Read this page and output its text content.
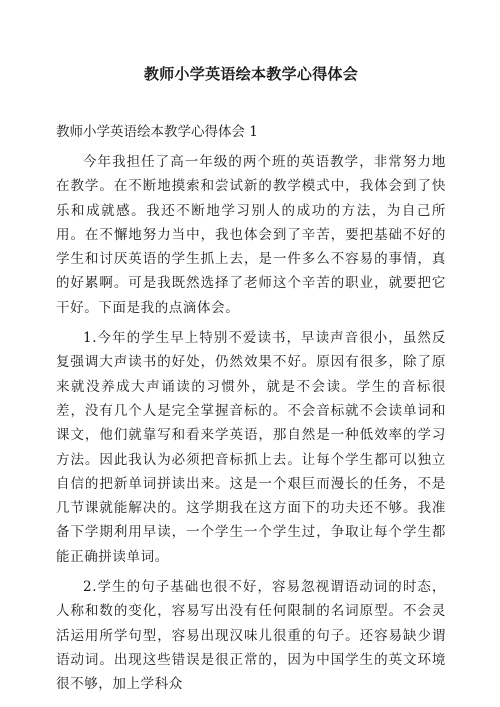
教师小学英语绘本教学心得体会

教师小学英语绘本教学心得体会 1

今年我担任了高一年级的两个班的英语教学，非常努力地在教学。在不断地摸索和尝试新的教学模式中，我体会到了快乐和成就感。我还不断地学习别人的成功的方法，为自己所用。在不懈地努力当中，我也体会到了辛苦，要把基础不好的学生和讨厌英语的学生抓上去，是一件多么不容易的事情，真的好累啊。可是我既然选择了老师这个辛苦的职业，就要把它干好。下面是我的点滴体会。

1.今年的学生早上特别不爱读书，早读声音很小，虽然反复强调大声读书的好处，仍然效果不好。原因有很多，除了原来就没养成大声诵读的习惯外，就是不会读。学生的音标很差，没有几个人是完全掌握音标的。不会音标就不会读单词和课文，他们就靠写和看来学英语，那自然是一种低效率的学习方法。因此我认为必须把音标抓上去。让每个学生都可以独立自信的把新单词拼读出来。这是一个艰巨而漫长的任务，不是几节课就能解决的。这学期我在这方面下的功夫还不够。我准备下学期利用早读，一个学生一个学生过，争取让每个学生都能正确拼读单词。

2.学生的句子基础也很不好，容易忽视谓语动词的时态，人称和数的变化，容易写出没有任何限制的名词原型。不会灵活运用所学句型，容易出现汉味儿很重的句子。还容易缺少谓语动词。出现这些错误是很正常的，因为中国学生的英文环境很不够，加上学科众
